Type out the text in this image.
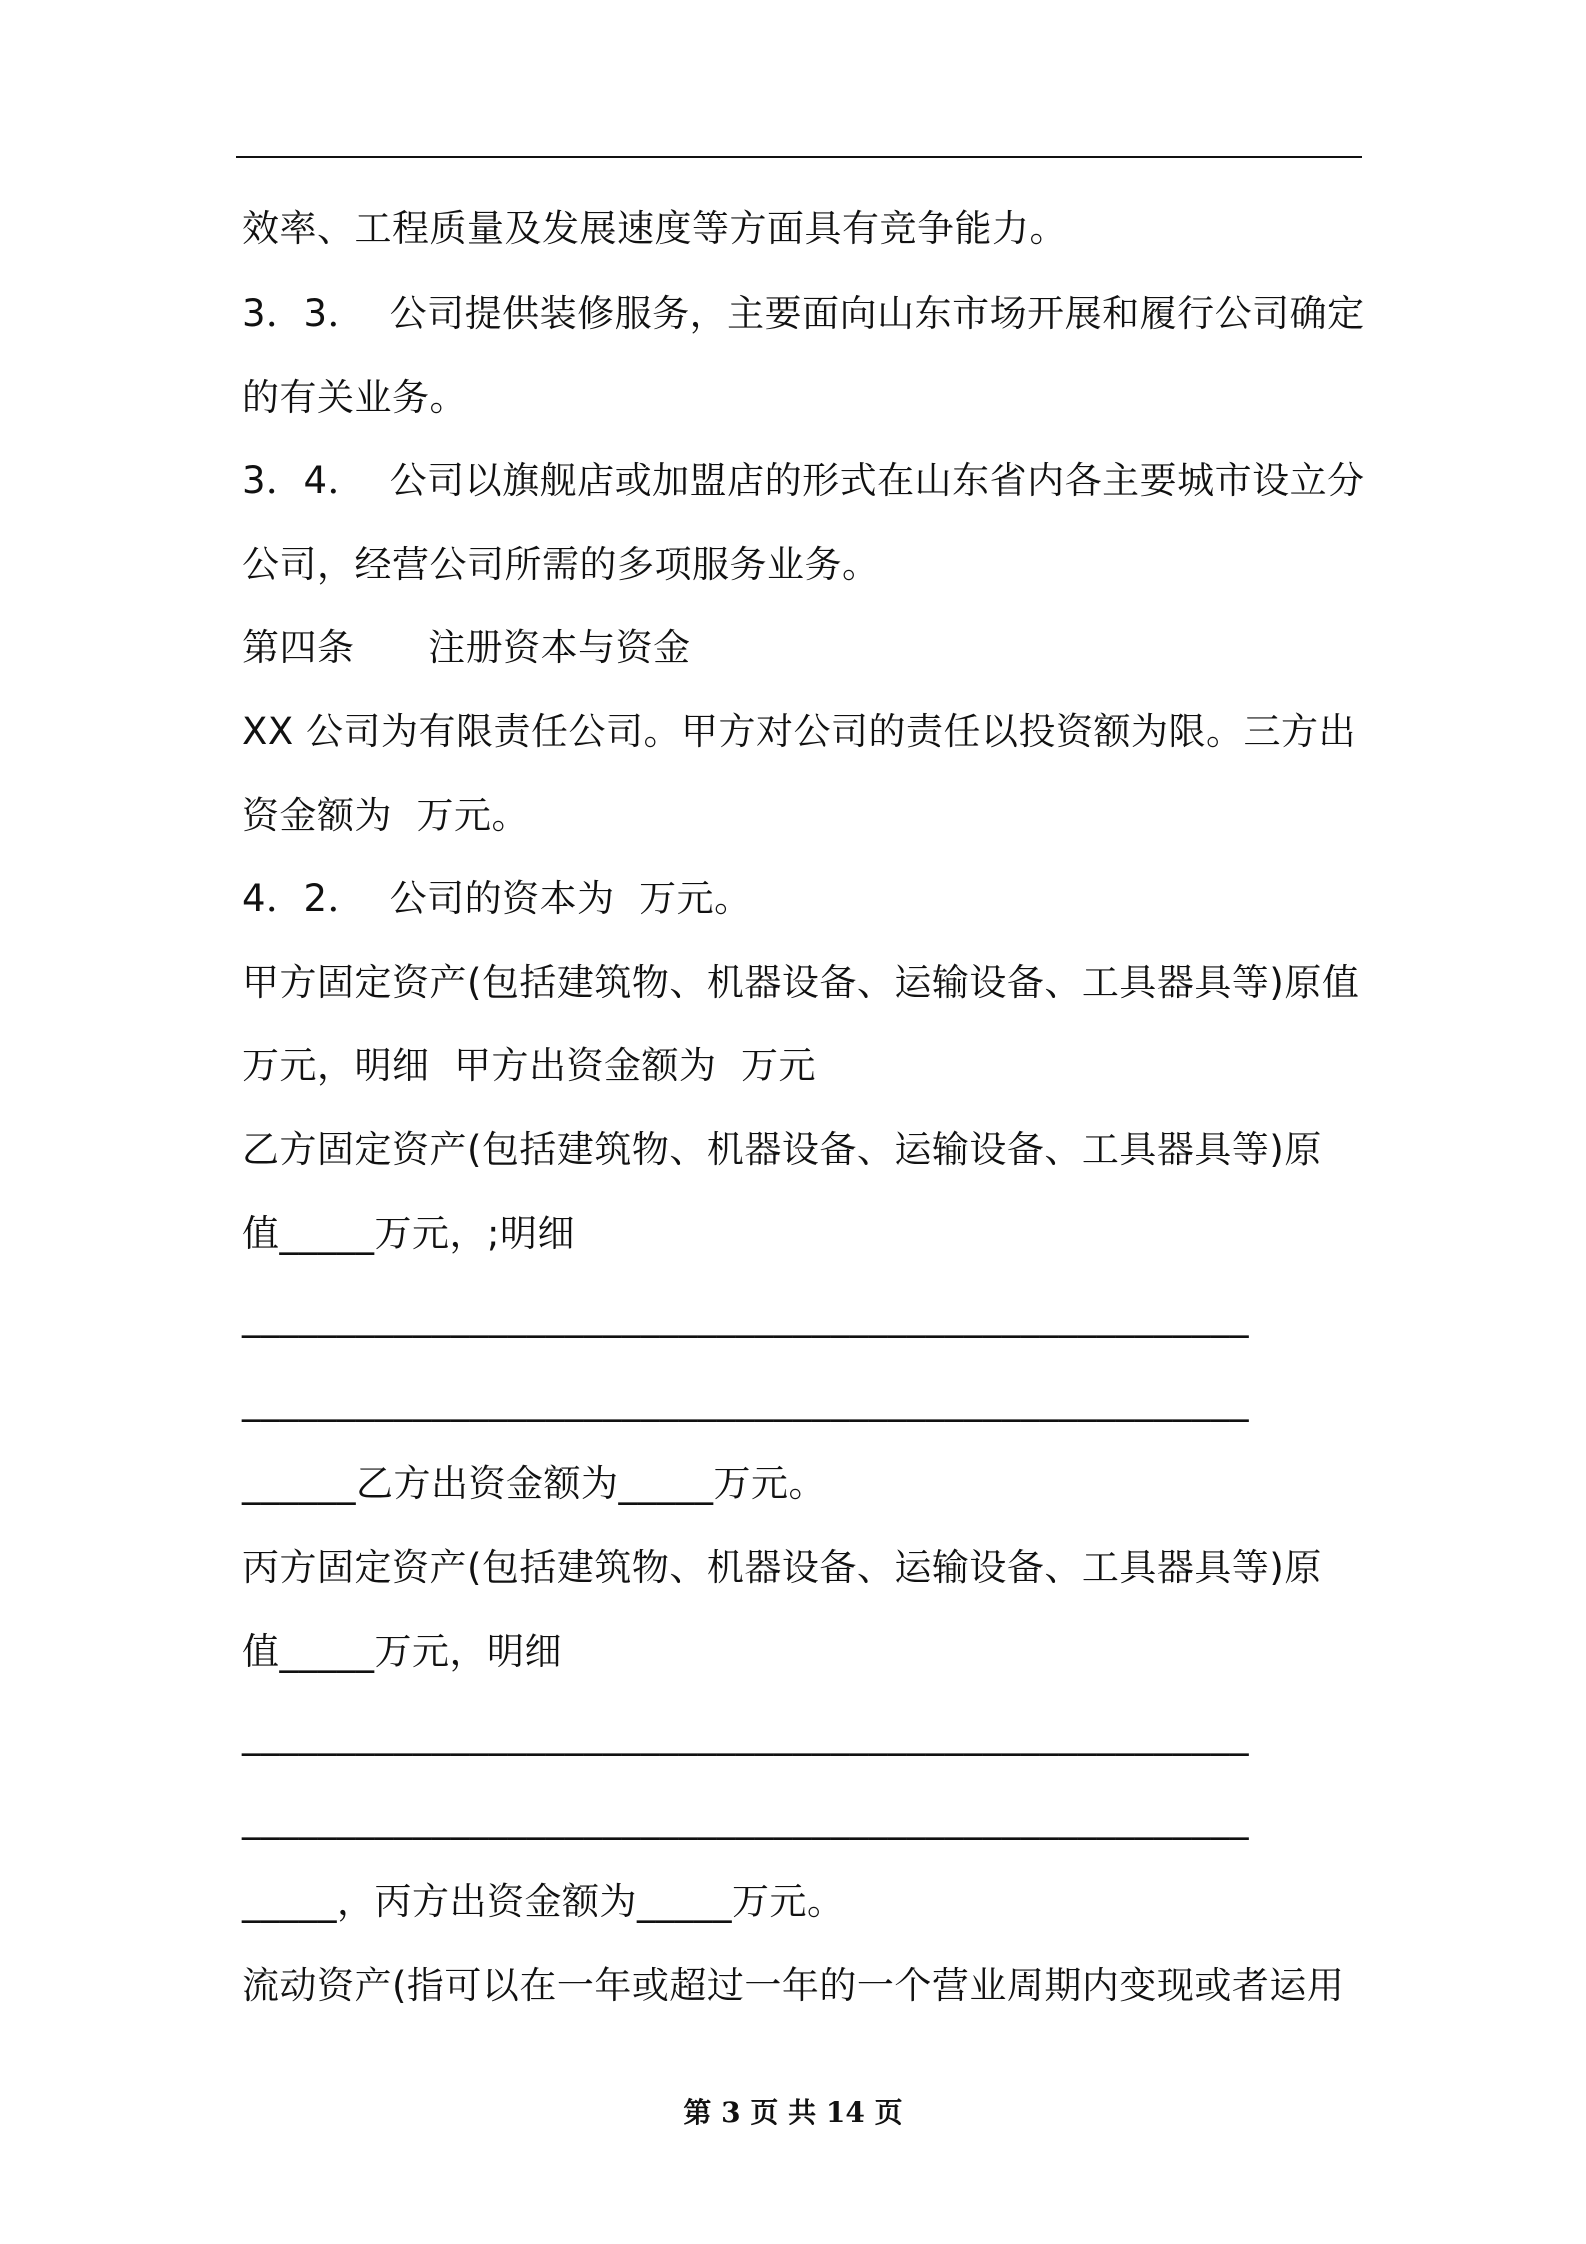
效率、工程质量及发展速度等方面具有竞争能力。
3．3．  公司提供装修服务，主要面向山东市场开展和履行公司确定
的有关业务。
3．4．  公司以旗舰店或加盟店的形式在山东省内各主要城市设立分
公司，经营公司所需的多项服务业务。
第四条      注册资本与资金
XX 公司为有限责任公司。甲方对公司的责任以投资额为限。三方出
资金额为  万元。
4．2．  公司的资本为  万元。
甲方固定资产(包括建筑物、机器设备、运输设备、工具器具等)原值
万元，明细  甲方出资金额为  万元
乙方固定资产(包括建筑物、机器设备、运输设备、工具器具等)原
值_____万元，;明细
_____________________________________________________
_____________________________________________________
______乙方出资金额为_____万元。
丙方固定资产(包括建筑物、机器设备、运输设备、工具器具等)原
值_____万元，明细
_____________________________________________________
_____________________________________________________
_____，丙方出资金额为_____万元。
流动资产(指可以在一年或超过一年的一个营业周期内变现或者运用
第 3 页 共 14 页
